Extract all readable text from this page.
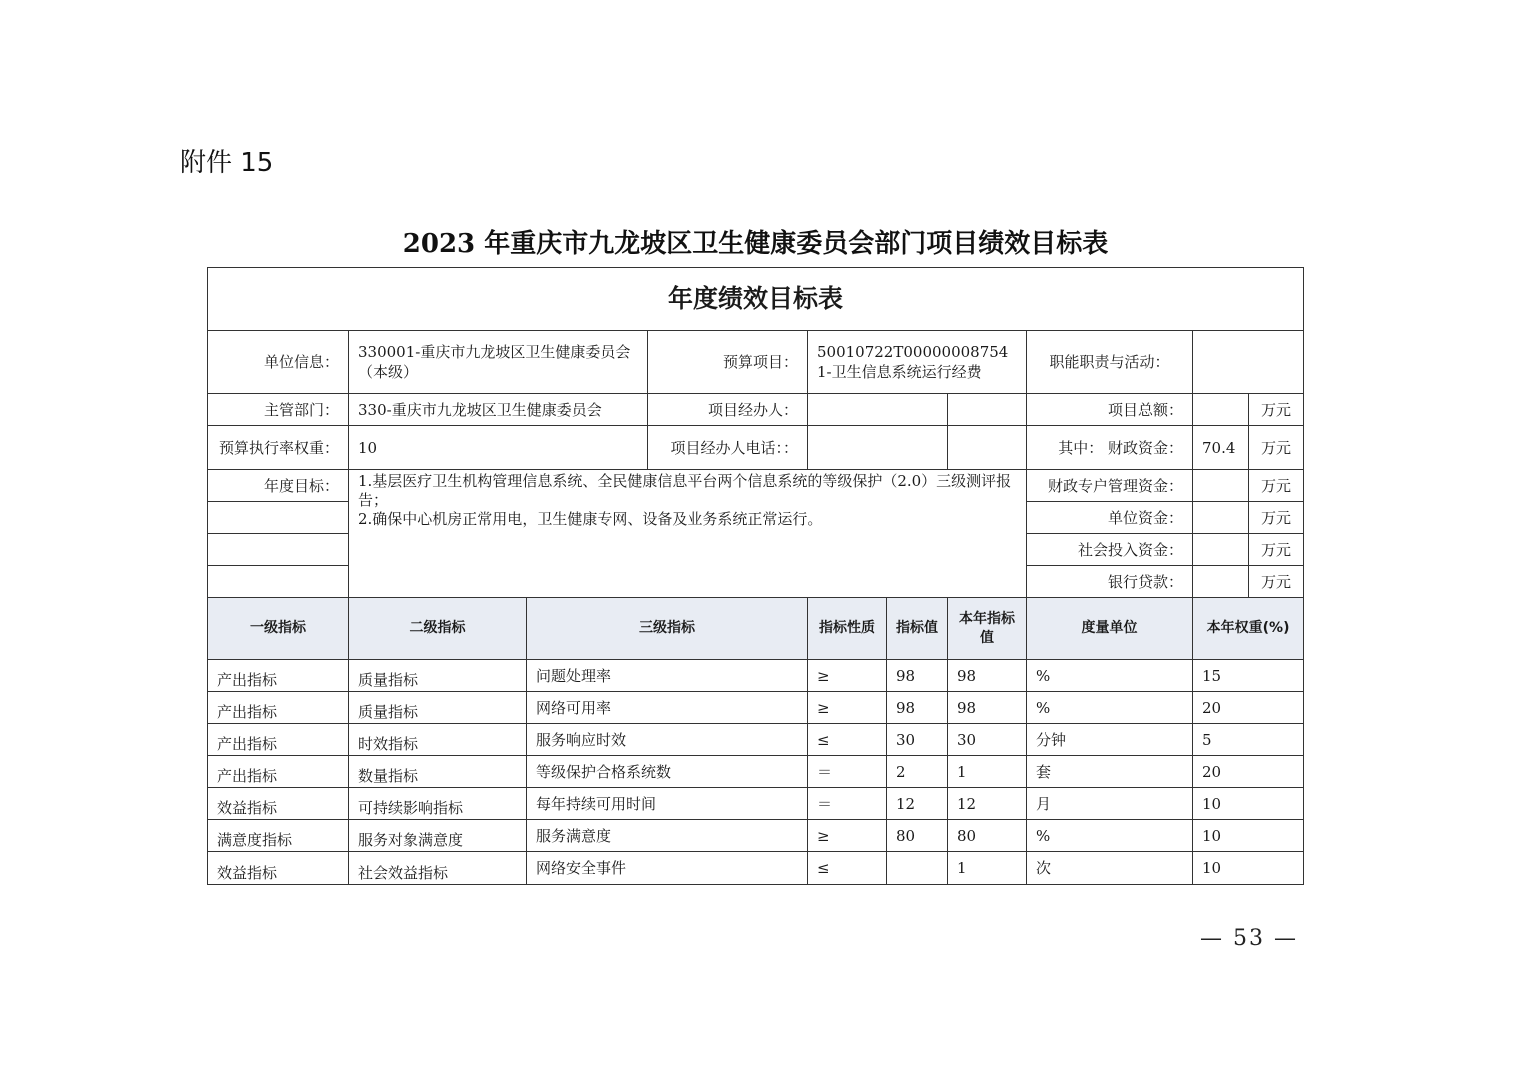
附件 15
2023 年重庆市九龙坡区卫生健康委员会部门项目绩效目标表
年度绩效目标表									
单位信息：	330001-重庆市九龙坡区卫生健康委员会（本级）		预算项目：	50010722T000000087541-卫生信息系统运行经费			职能职责与活动：		
主管部门：	330-重庆市九龙坡区卫生健康委员会		项目经办人：				项目总额：		万元
预算执行率权重：	10		项目经办人电话：：				其中： 财政资金：	70.4	万元
年度目标：	1.基层医疗卫生机构管理信息系统、全民健康信息平台两个信息系统的等级保护（2.0）三级测评报告；
2.确保中心机房正常用电，卫生健康专网、设备及业务系统正常运行。						财政专户管理资金：		万元
							单位资金：		万元
							社会投入资金：		万元
							银行贷款：		万元
一级指标	二级指标	三级指标		指标性质	指标值	本年指标值	度量单位	本年权重(%)	
产出指标	质量指标	问题处理率		≥	98	98	%	15	
产出指标	质量指标	网络可用率		≥	98	98	%	20	
产出指标	时效指标	服务响应时效		≤	30	30	分钟	5	
产出指标	数量指标	等级保护合格系统数		＝	2	1	套	20	
效益指标	可持续影响指标	每年持续可用时间		＝	12	12	月	10	
满意度指标	服务对象满意度	服务满意度		≥	80	80	%	10	
效益指标	社会效益指标	网络安全事件		≤		1	次	10	
— 53 —
